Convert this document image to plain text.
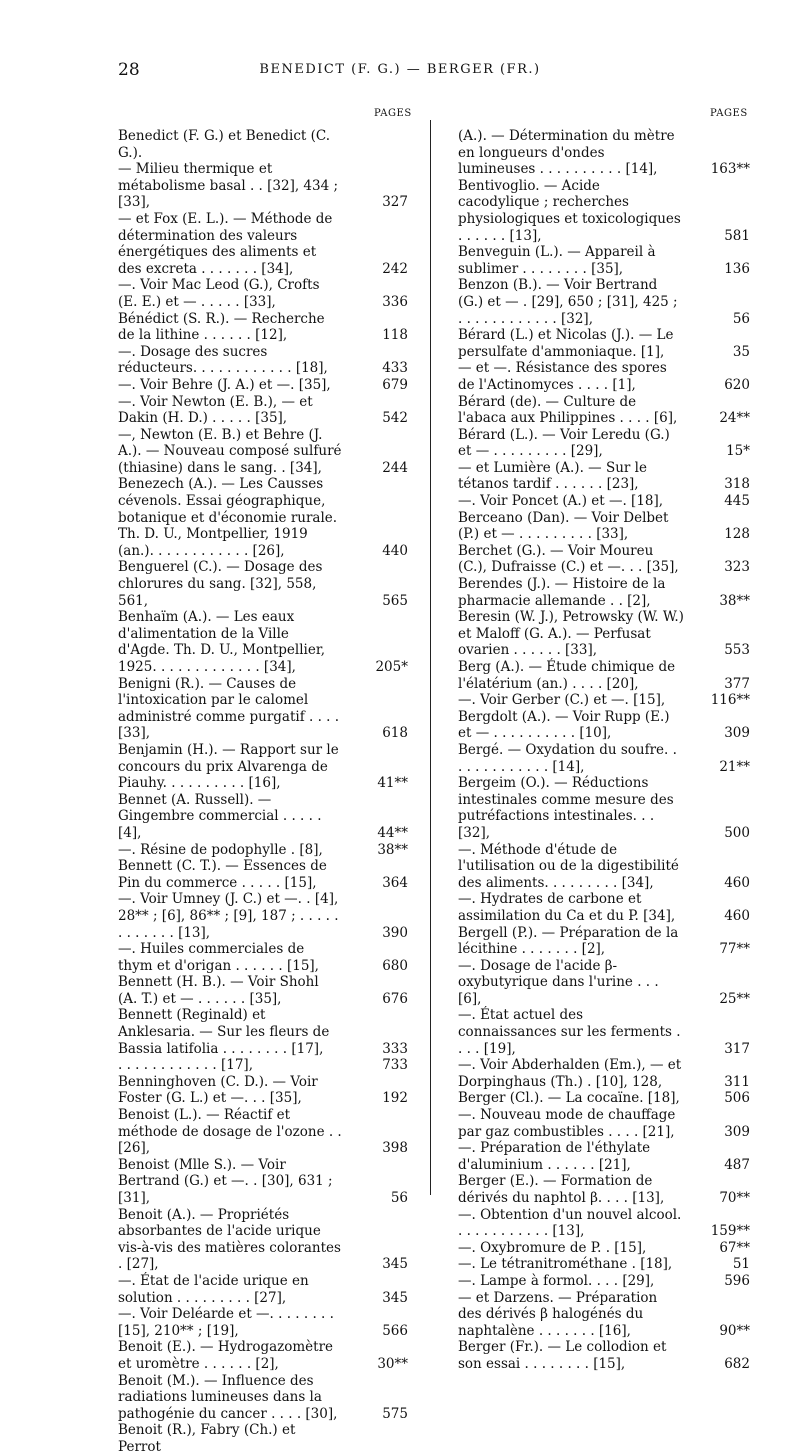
28	BENEDICT (F. G.) — BERGER (FR.)
PAGES	PAGES
Benedict (F. G.) et Benedict (C. G.).
— Milieu thermique et métabolisme basal . . [32], 434 ; [33],	327
— et Fox (E. L.). — Méthode de détermination des valeurs énergétiques des aliments et des excreta . . . . . . . [34],	242
—. Voir Mac Leod (G.), Crofts (E. E.) et — . . . . . [33],	336
Bénédict (S. R.). — Recherche de la lithine . . . . . . [12],	118
—. Dosage des sucres réducteurs. . . . . . . . . . . . [18],	433
—. Voir Behre (J. A.) et —. [35],	679
—. Voir Newton (E. B.), — et Dakin (H. D.) . . . . . [35],	542
—, Newton (E. B.) et Behre (J. A.). — Nouveau composé sulfuré (thiasine) dans le sang. . [34],	244
Benezech (A.). — Les Causses cévenols. Essai géographique, botanique et d'économie rurale. Th. D. U., Montpellier, 1919 (an.). . . . . . . . . . . . [26],	440
Benguerel (C.). — Dosage des chlorures du sang. [32], 558, 561,	565
Benhaïm (A.). — Les eaux d'alimentation de la Ville d'Agde. Th. D. U., Montpellier, 1925. . . . . . . . . . . . . [34],	205*
Benigni (R.). — Causes de l'intoxication par le calomel administré comme purgatif . . . . [33],	618
Benjamin (H.). — Rapport sur le concours du prix Alvarenga de Piauhy. . . . . . . . . . [16],	41**
Bennet (A. Russell). — Gingembre commercial . . . . . [4],	44**
—. Résine de podophylle . [8],	38**
Bennett (C. T.). — Essences de Pin du commerce . . . . . [15],	364
—. Voir Umney (J. C.) et —. . [4], 28** ; [6], 86** ; [9], 187 ; . . . . . . . . . . . . [13],	390
—. Huiles commerciales de thym et d'origan . . . . . . [15],	680
Bennett (H. B.). — Voir Shohl (A. T.) et — . . . . . . [35],	676
Bennett (Reginald) et Anklesaria. — Sur les fleurs de Bassia latifolia . . . . . . . . [17],	333
. . . . . . . . . . . . [17],	733
Benninghoven (C. D.). — Voir Foster (G. L.) et —. . . [35],	192
Benoist (L.). — Réactif et méthode de dosage de l'ozone . . [26],	398
Benoist (Mlle S.). — Voir Bertrand (G.) et —. . [30], 631 ; [31],	56
Benoit (A.). — Propriétés absorbantes de l'acide urique vis-à-vis des matières colorantes . [27],	345
—. État de l'acide urique en solution . . . . . . . . . [27],	345
—. Voir Deléarde et —. . . . . . . . [15], 210** ; [19],	566
Benoit (E.). — Hydrogazomètre et uromètre . . . . . . [2],	30**
Benoit (M.). — Influence des radiations lumineuses dans la pathogénie du cancer . . . . [30],	575
Benoit (R.), Fabry (Ch.) et Perrot
(A.). — Détermination du mètre en longueurs d'ondes lumineuses . . . . . . . . . . [14],	163**
Bentivoglio. — Acide cacodylique ; recherches physiologiques et toxicologiques . . . . . . [13],	581
Benveguin (L.). — Appareil à sublimer . . . . . . . . [35],	136
Benzon (B.). — Voir Bertrand (G.) et — . [29], 650 ; [31], 425 ; . . . . . . . . . . . . [32],	56
Bérard (L.) et Nicolas (J.). — Le persulfate d'ammoniaque. [1],	35
— et —. Résistance des spores de l'Actinomyces . . . . [1],	620
Bérard (de). — Culture de l'abaca aux Philippines . . . . [6],	24**
Bérard (L.). — Voir Leredu (G.) et — . . . . . . . . . [29],	15*
— et Lumière (A.). — Sur le tétanos tardif . . . . . . [23],	318
—. Voir Poncet (A.) et —. [18],	445
Berceano (Dan). — Voir Delbet (P.) et — . . . . . . . . . [33],	128
Berchet (G.). — Voir Moureu (C.), Dufraisse (C.) et —. . . [35],	323
Berendes (J.). — Histoire de la pharmacie allemande . . [2],	38**
Beresin (W. J.), Petrowsky (W. W.) et Maloff (G. A.). — Perfusat ovarien . . . . . . [33],	553
Berg (A.). — Étude chimique de l'élatérium (an.) . . . . [20],	377
—. Voir Gerber (C.) et —. [15],	116**
Bergdolt (A.). — Voir Rupp (E.) et — . . . . . . . . . . [10],	309
Bergé. — Oxydation du soufre. . . . . . . . . . . . . [14],	21**
Bergeim (O.). — Réductions intestinales comme mesure des putréfactions intestinales. . . [32],	500
—. Méthode d'étude de l'utilisation ou de la digestibilité des aliments. . . . . . . . . [34],	460
—. Hydrates de carbone et assimilation du Ca et du P. [34],	460
Bergell (P.). — Préparation de la lécithine . . . . . . . [2],	77**
—. Dosage de l'acide β-oxybutyrique dans l'urine . . . [6],	25**
—. État actuel des connaissances sur les ferments . . . . [19],	317
—. Voir Abderhalden (Em.), — et Dorpinghaus (Th.) . [10], 128,	311
Berger (Cl.). — La cocaïne. [18],	506
—. Nouveau mode de chauffage par gaz combustibles . . . . [21],	309
—. Préparation de l'éthylate d'aluminium . . . . . . [21],	487
Berger (E.). — Formation de dérivés du naphtol β. . . . [13],	70**
—. Obtention d'un nouvel alcool. . . . . . . . . . . . [13],	159**
—. Oxybromure de P. . [15],	67**
—. Le tétranitrométhane . [18],	51
—. Lampe à formol. . . . [29],	596
— et Darzens. — Préparation des dérivés β halogénés du naphtalène . . . . . . . [16],	90**
Berger (Fr.). — Le collodion et son essai . . . . . . . . [15],	682
